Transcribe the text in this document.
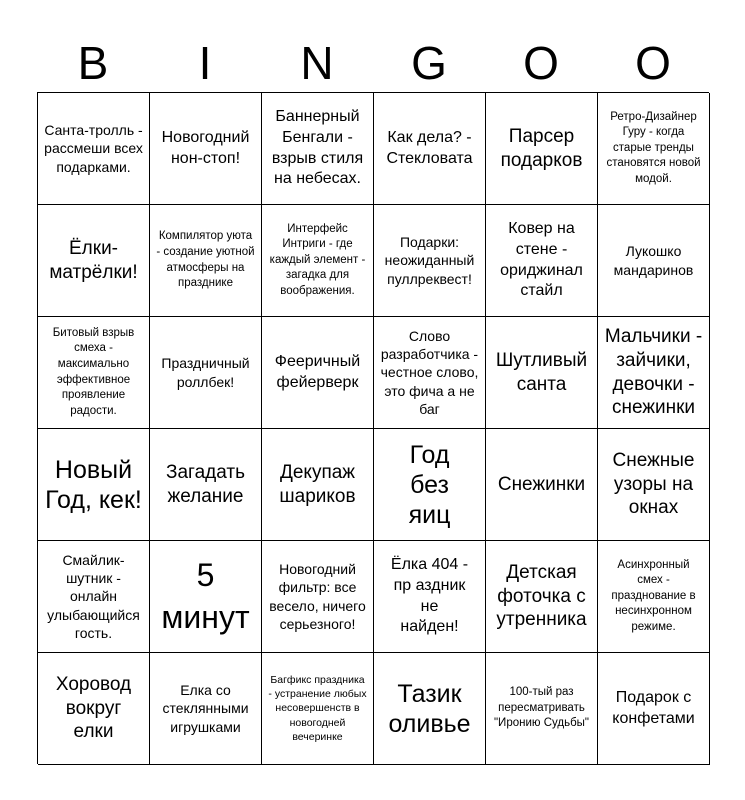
B	I	N	G	O	O
Санта-тролль - рассмеши всех подарками.
Новогодний нон-стоп!
Баннерный Бенгали - взрыв стиля на небесах.
Как дела? - Стекловата
Парсер подарков
Ретро-Дизайнер Гуру - когда старые тренды становятся новой модой.
Ёлки-матрёлки!
Компилятор уюта - создание уютной атмосферы на празднике
Интерфейс Интриги - где каждый элемент - загадка для воображения.
Подарки: неожиданный пуллреквест!
Ковер на стене - ориджинал стайл
Лукошко мандаринов
Битовый взрыв смеха - максимально эффективное проявление радости.
Праздничный роллбек!
Фееричный фейерверк
Слово разработчика - честное слово, это фича а не баг
Шутливый санта
Мальчики - зайчики, девочки - снежинки
Новый Год, кек!
Загадать желание
Декупаж шариков
Год без яиц
Снежинки
Снежные узоры на окнах
Смайлик-шутник - онлайн улыбающийся гость.
5 минут
Новогодний фильтр: все весело, ничего серьезного!
Ёлка 404 - пр аздник не найден!
Детская фоточка с утренника
Асинхронный смех - празднование в несинхронном режиме.
Хоровод вокруг елки
Елка со стеклянными игрушками
Багфикс праздника - устранение любых несовершенств в новогодней вечеринке
Тазик оливье
100-тый раз пересматривать "Иронию Судьбы"
Подарок с конфетами
